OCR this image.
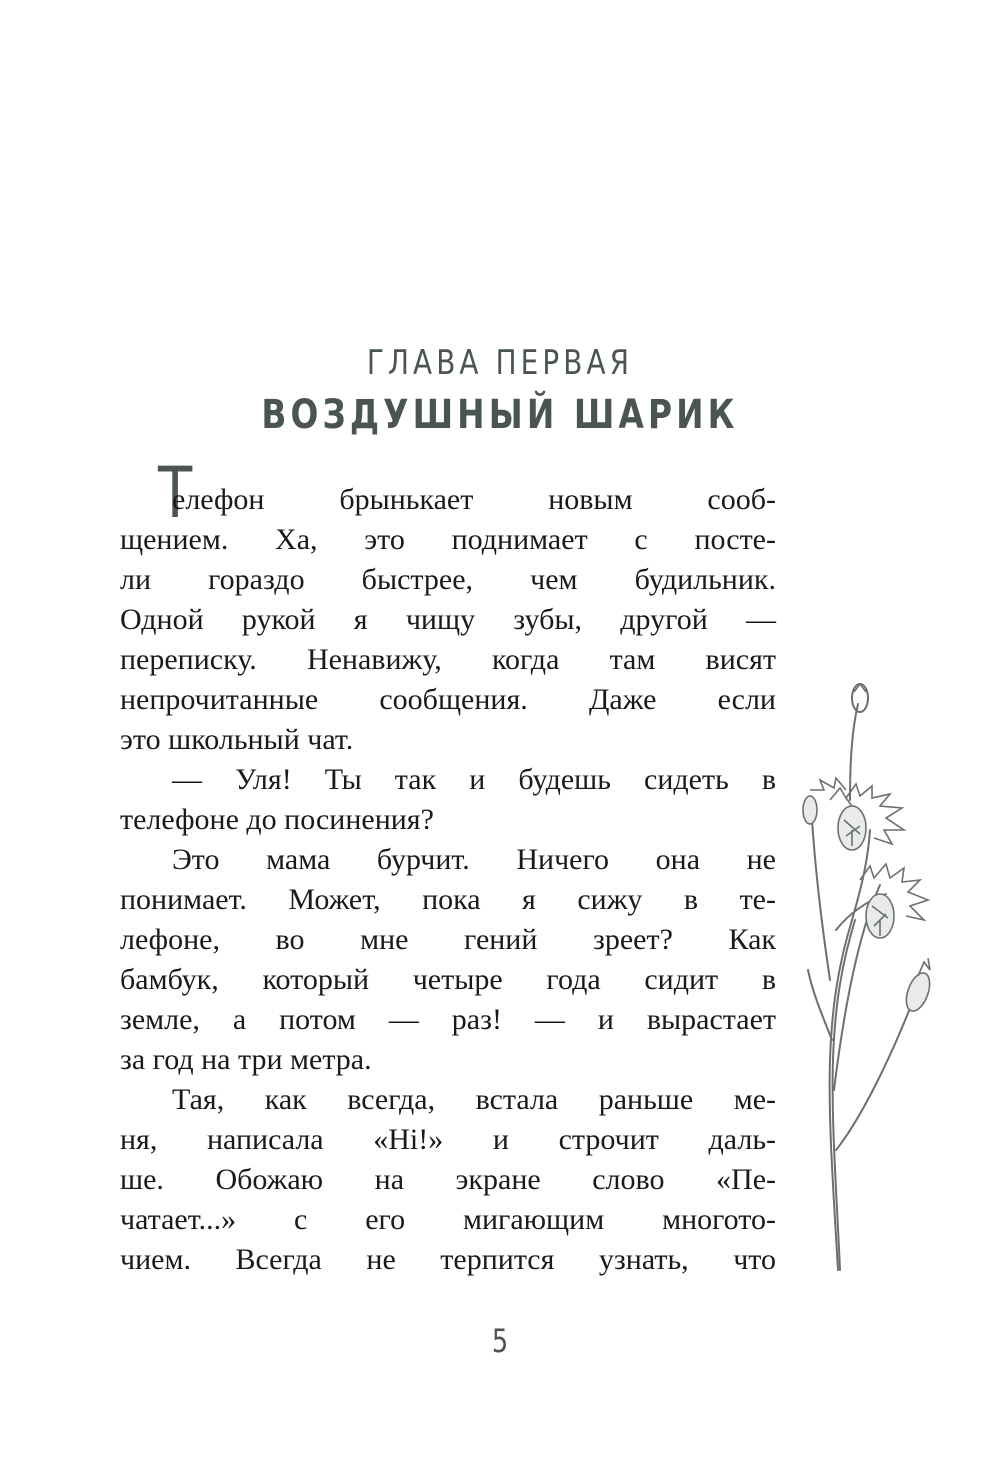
ГЛАВА ПЕРВАЯ
ВОЗДУШНЫЙ ШАРИК
Т
елефон брынькает новым сооб-
щением. Ха, это поднимает с посте-
ли гораздо быстрее, чем будильник.
Одной рукой я чищу зубы, другой —
переписку. Ненавижу, когда там висят
непрочитанные сообщения. Даже если
это школьный чат.
— Уля! Ты так и будешь сидеть в
телефоне до посинения?
Это мама бурчит. Ничего она не
понимает. Может, пока я сижу в те-
лефоне, во мне гений зреет? Как
бамбук, который четыре года сидит в
земле, а потом — раз! — и вырастает
за год на три метра.
Тая, как всегда, встала раньше ме-
ня, написала «Hi!» и строчит даль-
ше. Обожаю на экране слово «Пе-
чатает...» с его мигающим многото-
чием. Всегда не терпится узнать, что
5
